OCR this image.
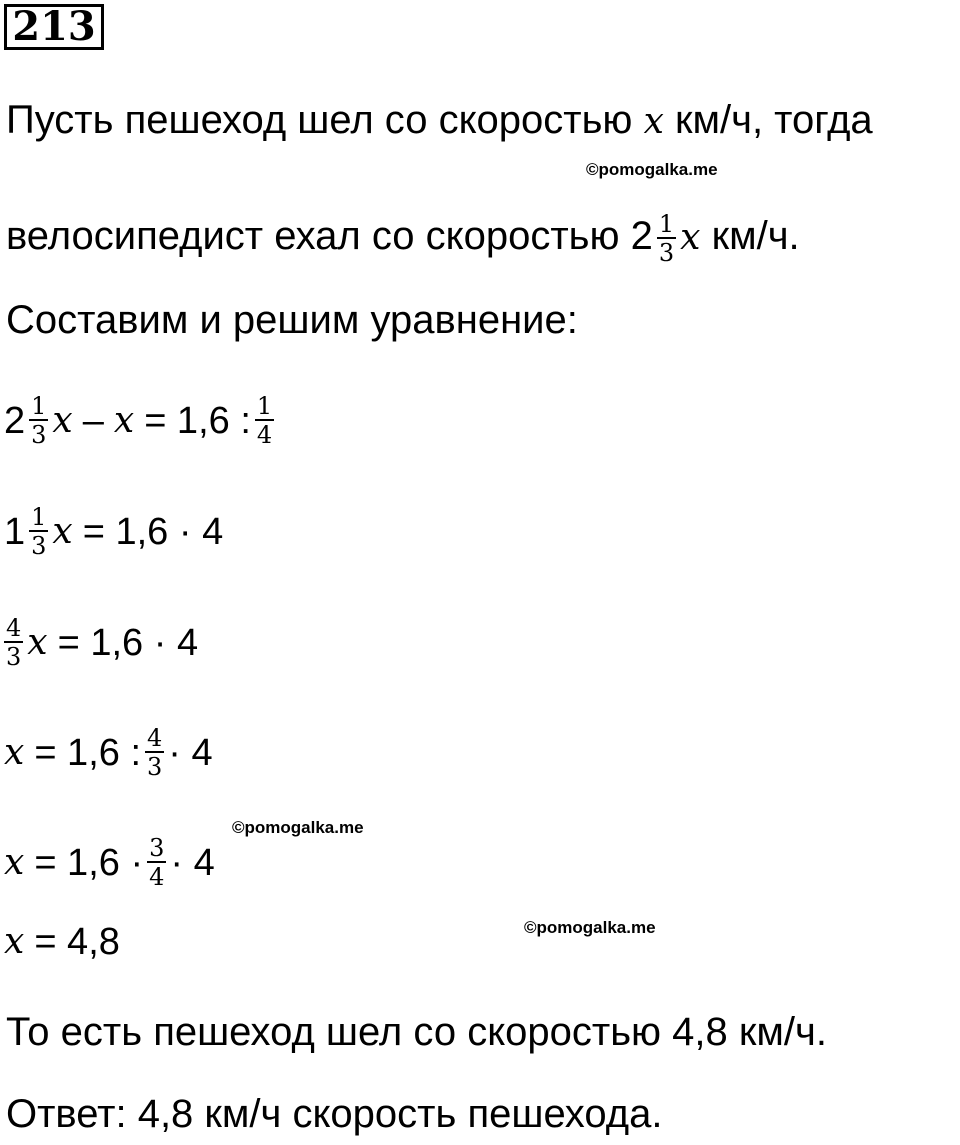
213
Пусть пешеход шел со скоростью 𝑥 км/ч, тогда
©pomogalka.me
велосипедист ехал со скоростью $2 \frac{1}{3}$ 𝑥 км/ч.
Составим и решим уравнение:
$2 \frac{1}{3}$ 𝑥 – 𝑥 = 1,6 : $\frac{1}{4}$
$1 \frac{1}{3}$ 𝑥 = 1,6 · 4
$\frac{4}{3}$ 𝑥 = 1,6 · 4
𝑥 = 1,6 : $\frac{4}{3} \cdot 4$
©pomogalka.me
𝑥 = $1,6 \cdot \frac{3}{4} \cdot 4$
©pomogalka.me
𝑥 = 4,8
То есть пешеход шел со скоростью 4,8 км/ч.
Ответ: 4,8 км/ч скорость пешехода.
